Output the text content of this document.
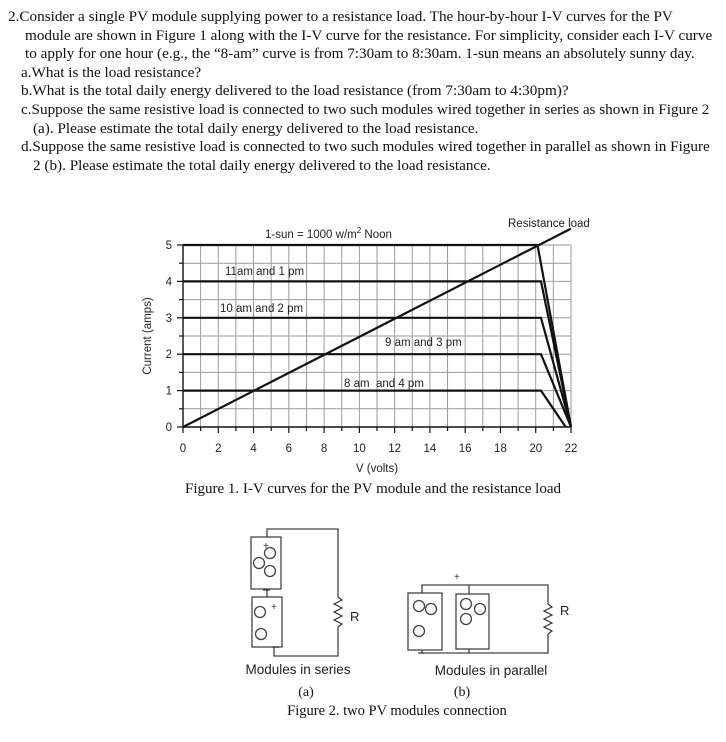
2.Consider a single PV module supplying power to a resistance load. The hour-by-hour I-V curves for the PV module are shown in Figure 1 along with the I-V curve for the resistance. For simplicity, consider each I-V curve to apply for one hour (e.g., the “8-am” curve is from 7:30am to 8:30am. 1-sun means an absolutely sunny day.

a.What is the load resistance?

b.What is the total daily energy delivered to the load resistance (from 7:30am to 4:30pm)?

c.Suppose the same resistive load is connected to two such modules wired together in series as shown in Figure 2 (a). Please estimate the total daily energy delivered to the load resistance.

d.Suppose the same resistive load is connected to two such modules wired together in parallel as shown in Figure 2 (b). Please estimate the total daily energy delivered to the load resistance.

0	2	4	6	8 10 12 14 16 18 20 22
0
1
2
3
4
5
1-sun = 1000 $w/m^2$ Noon
Resistance load
11am and 1 pm
10 am and 2 pm
9 am and 3 pm
8 am  and 4 pm
V (volts)
Current (amps)
Figure 1. I-V curves for the PV module and the resistance load
+
+
R
Modules in series
(a)
+
R
Modules in parallel
(b)
Figure 2. two PV modules connection
